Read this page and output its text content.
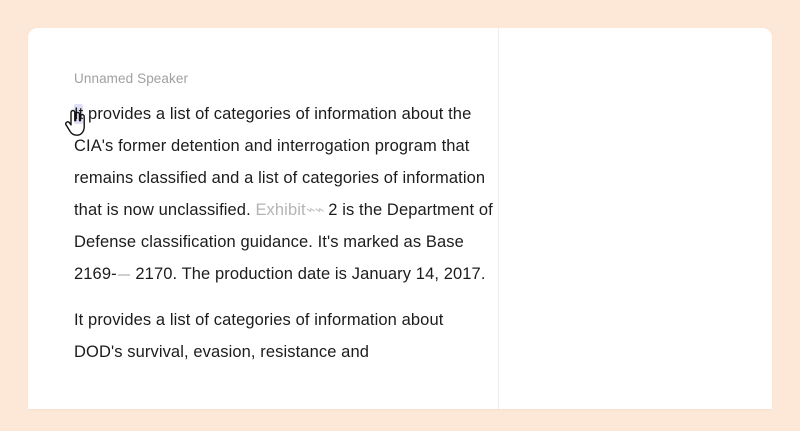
Unnamed Speaker

It provides a list of categories of information about the CIA's former detention and interrogation program that remains classified and a list of categories of information that is now unclassified. Exhibit⌁⌁ 2 is the Department of Defense classification guidance. It's marked as Base 2169- 2170. The production date is January 14, 2017.

It provides a list of categories of information about DOD's survival, evasion, resistance and
